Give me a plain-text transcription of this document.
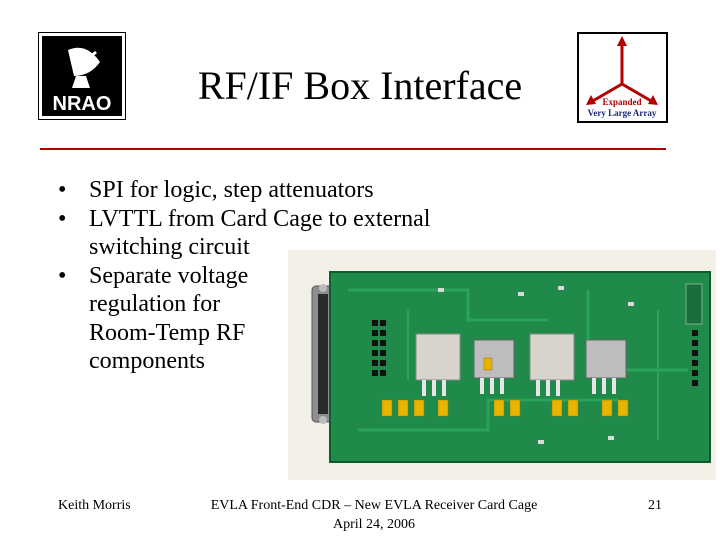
NRAO	RF/IF Box Interface	Expanded
Very Large Array
• SPI for logic, step attenuators
• LVTTL from Card Cage to external switching circuit
• Separate voltage regulation for Room-Temp RF components
Keith Morris	EVLA Front-End CDR – New EVLA Receiver Card Cage
April 24, 2006
21
